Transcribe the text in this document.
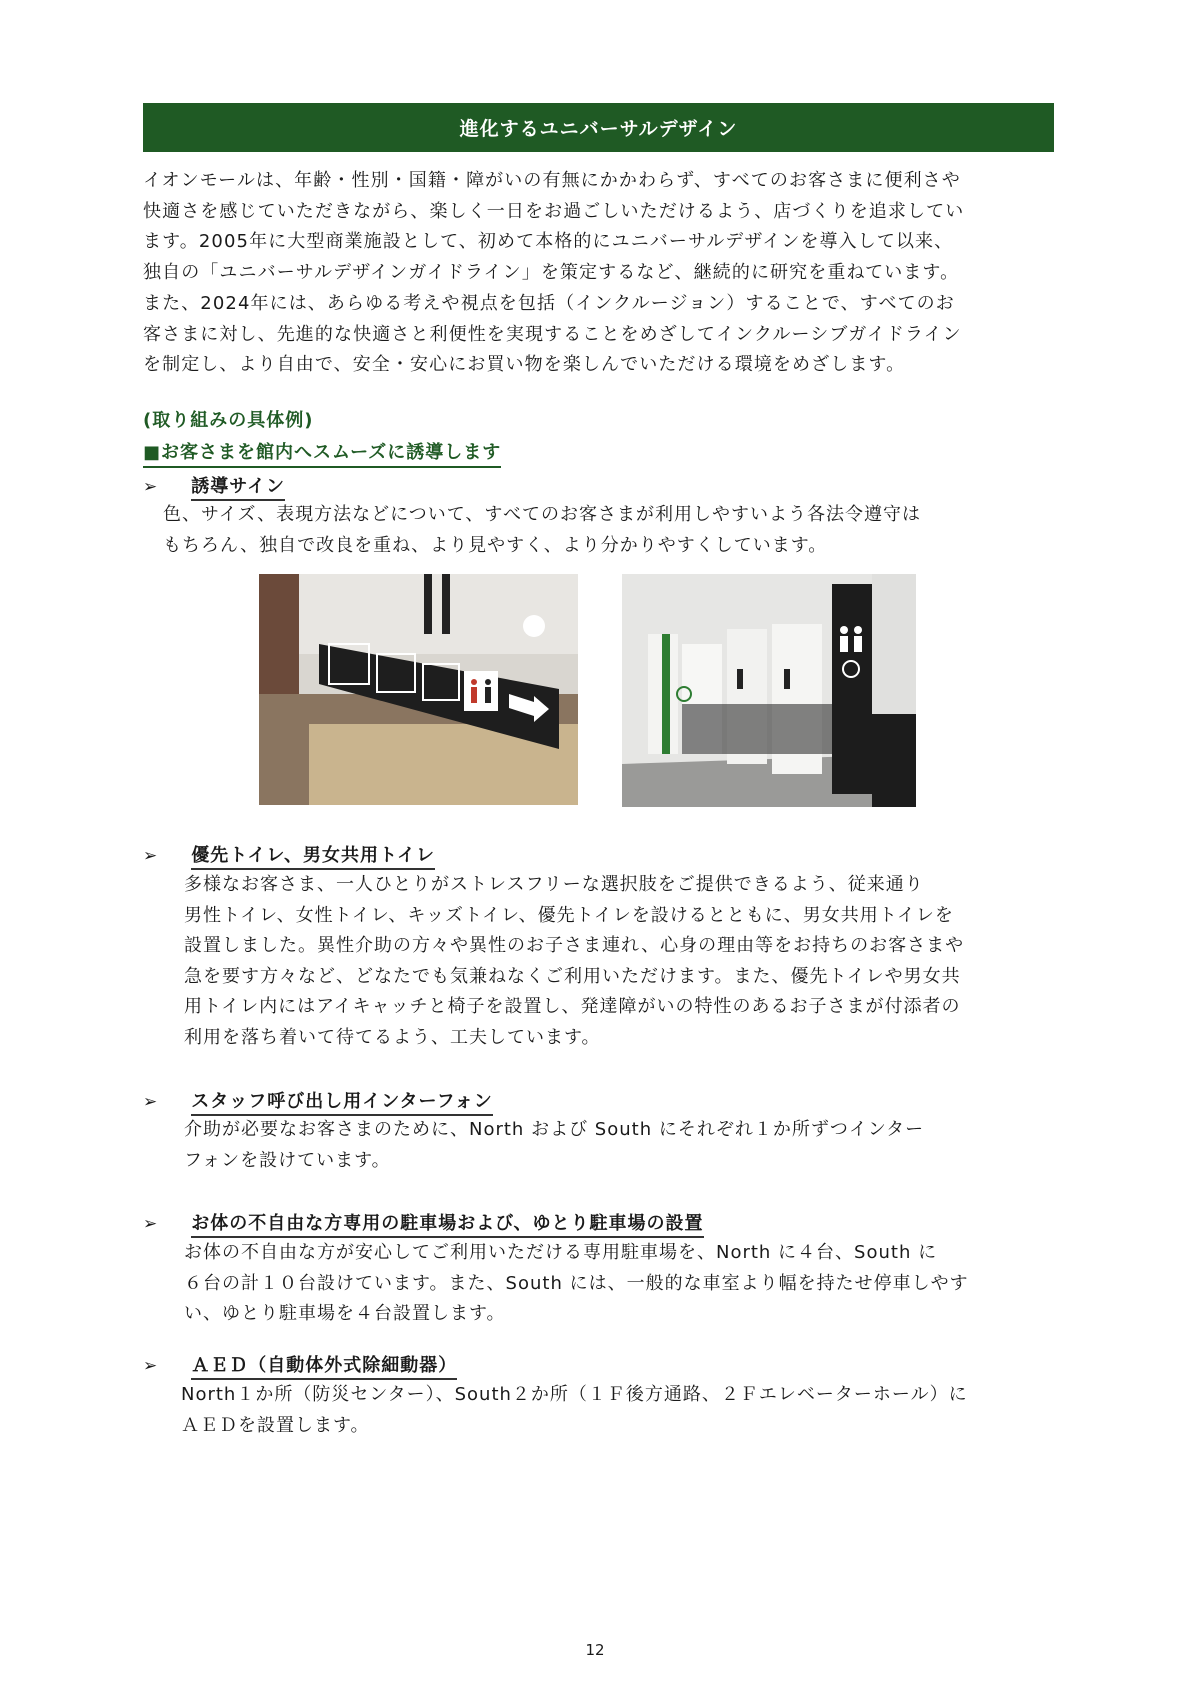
進化するユニバーサルデザイン

イオンモールは、年齢・性別・国籍・障がいの有無にかかわらず、すべてのお客さまに便利さや
快適さを感じていただきながら、楽しく一日をお過ごしいただけるよう、店づくりを追求してい
ます。2005年に大型商業施設として、初めて本格的にユニバーサルデザインを導入して以来、
独自の「ユニバーサルデザインガイドライン」を策定するなど、継続的に研究を重ねています。
また、2024年には、あらゆる考えや視点を包括（インクルージョン）することで、すべてのお
客さまに対し、先進的な快適さと利便性を実現することをめざしてインクルーシブガイドライン
を制定し、より自由で、安全・安心にお買い物を楽しんでいただける環境をめざします。

(取り組みの具体例)
■お客さまを館内へスムーズに誘導します
➢ 誘導サイン

色、サイズ、表現方法などについて、すべてのお客さまが利用しやすいよう各法令遵守は
もちろん、独自で改良を重ね、より見やすく、より分かりやすくしています。

➢ 優先トイレ、男女共用トイレ

多様なお客さま、一人ひとりがストレスフリーな選択肢をご提供できるよう、従来通り
男性トイレ、女性トイレ、キッズトイレ、優先トイレを設けるとともに、男女共用トイレを
設置しました。異性介助の方々や異性のお子さま連れ、心身の理由等をお持ちのお客さまや
急を要す方々など、どなたでも気兼ねなくご利用いただけます。また、優先トイレや男女共
用トイレ内にはアイキャッチと椅子を設置し、発達障がいの特性のあるお子さまが付添者の
利用を落ち着いて待てるよう、工夫しています。

➢ スタッフ呼び出し用インターフォン

介助が必要なお客さまのために、North および South にそれぞれ１か所ずつインター
フォンを設けています。

➢ お体の不自由な方専用の駐車場および、ゆとり駐車場の設置

お体の不自由な方が安心してご利用いただける専用駐車場を、North に４台、South に
６台の計１０台設けています。また、South には、一般的な車室より幅を持たせ停車しやす
い、ゆとり駐車場を４台設置します。

➢ ＡＥＤ（自動体外式除細動器）

North１か所（防災センター）、South２か所（１Ｆ後方通路、２Ｆエレベーターホール）に
ＡＥＤを設置します。

12
